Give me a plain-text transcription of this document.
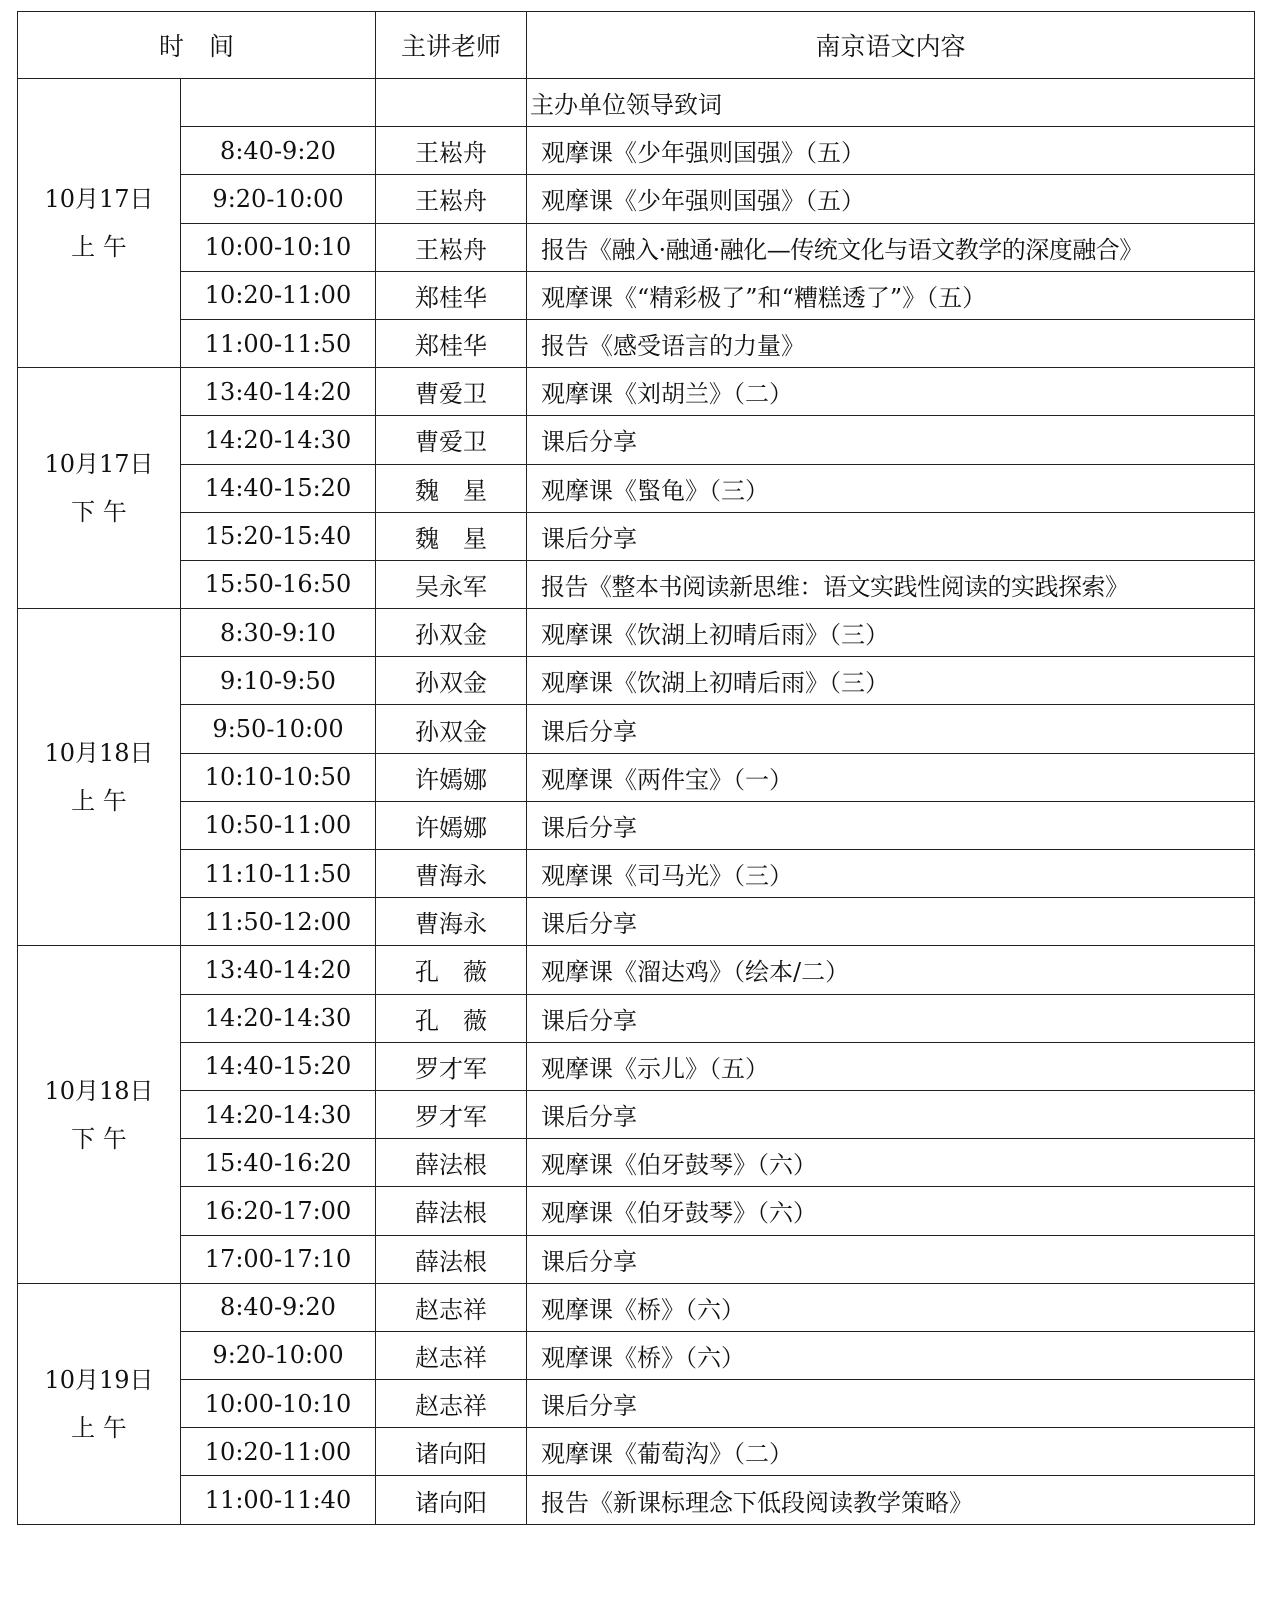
时　间		主讲老师	南京语文内容

10月17日
上 午			主办单位领导致词
	8:40-9:20	王崧舟	观摩课《少年强则国强》（五）
	9:20-10:00	王崧舟	观摩课《少年强则国强》（五）
	10:00-10:10	王崧舟	报告《融入·融通·融化—传统文化与语文教学的深度融合》
	10:20-11:00	郑桂华	观摩课《“精彩极了”和“糟糕透了”》（五）
	11:00-11:50	郑桂华	报告《感受语言的力量》

10月17日
下 午	13:40-14:20	曹爱卫	观摩课《刘胡兰》（二）
	14:20-14:30	曹爱卫	课后分享
	14:40-15:20	魏　星	观摩课《蜸龟》（三）
	15:20-15:40	魏　星	课后分享
	15:50-16:50	吴永军	报告《整本书阅读新思维：语文实践性阅读的实践探索》

10月18日
上 午	8:30-9:10	孙双金	观摩课《饮湖上初晴后雨》（三）
	9:10-9:50	孙双金	观摩课《饮湖上初晴后雨》（三）
	9:50-10:00	孙双金	课后分享
	10:10-10:50	许嫣娜	观摩课《两件宝》（一）
	10:50-11:00	许嫣娜	课后分享
	11:10-11:50	曹海永	观摩课《司马光》（三）
	11:50-12:00	曹海永	课后分享

10月18日
下 午	13:40-14:20	孔　薇	观摩课《溜达鸡》（绘本/二）
	14:20-14:30	孔　薇	课后分享
	14:40-15:20	罗才军	观摩课《示儿》（五）
	14:20-14:30	罗才军	课后分享
	15:40-16:20	薛法根	观摩课《伯牙鼓琴》（六）
	16:20-17:00	薛法根	观摩课《伯牙鼓琴》（六）
	17:00-17:10	薛法根	课后分享

10月19日
上 午	8:40-9:20	赵志祥	观摩课《桥》（六）
	9:20-10:00	赵志祥	观摩课《桥》（六）
	10:00-10:10	赵志祥	课后分享
	10:20-11:00	诸向阳	观摩课《葡萄沟》（二）
	11:00-11:40	诸向阳	报告《新课标理念下低段阅读教学策略》
